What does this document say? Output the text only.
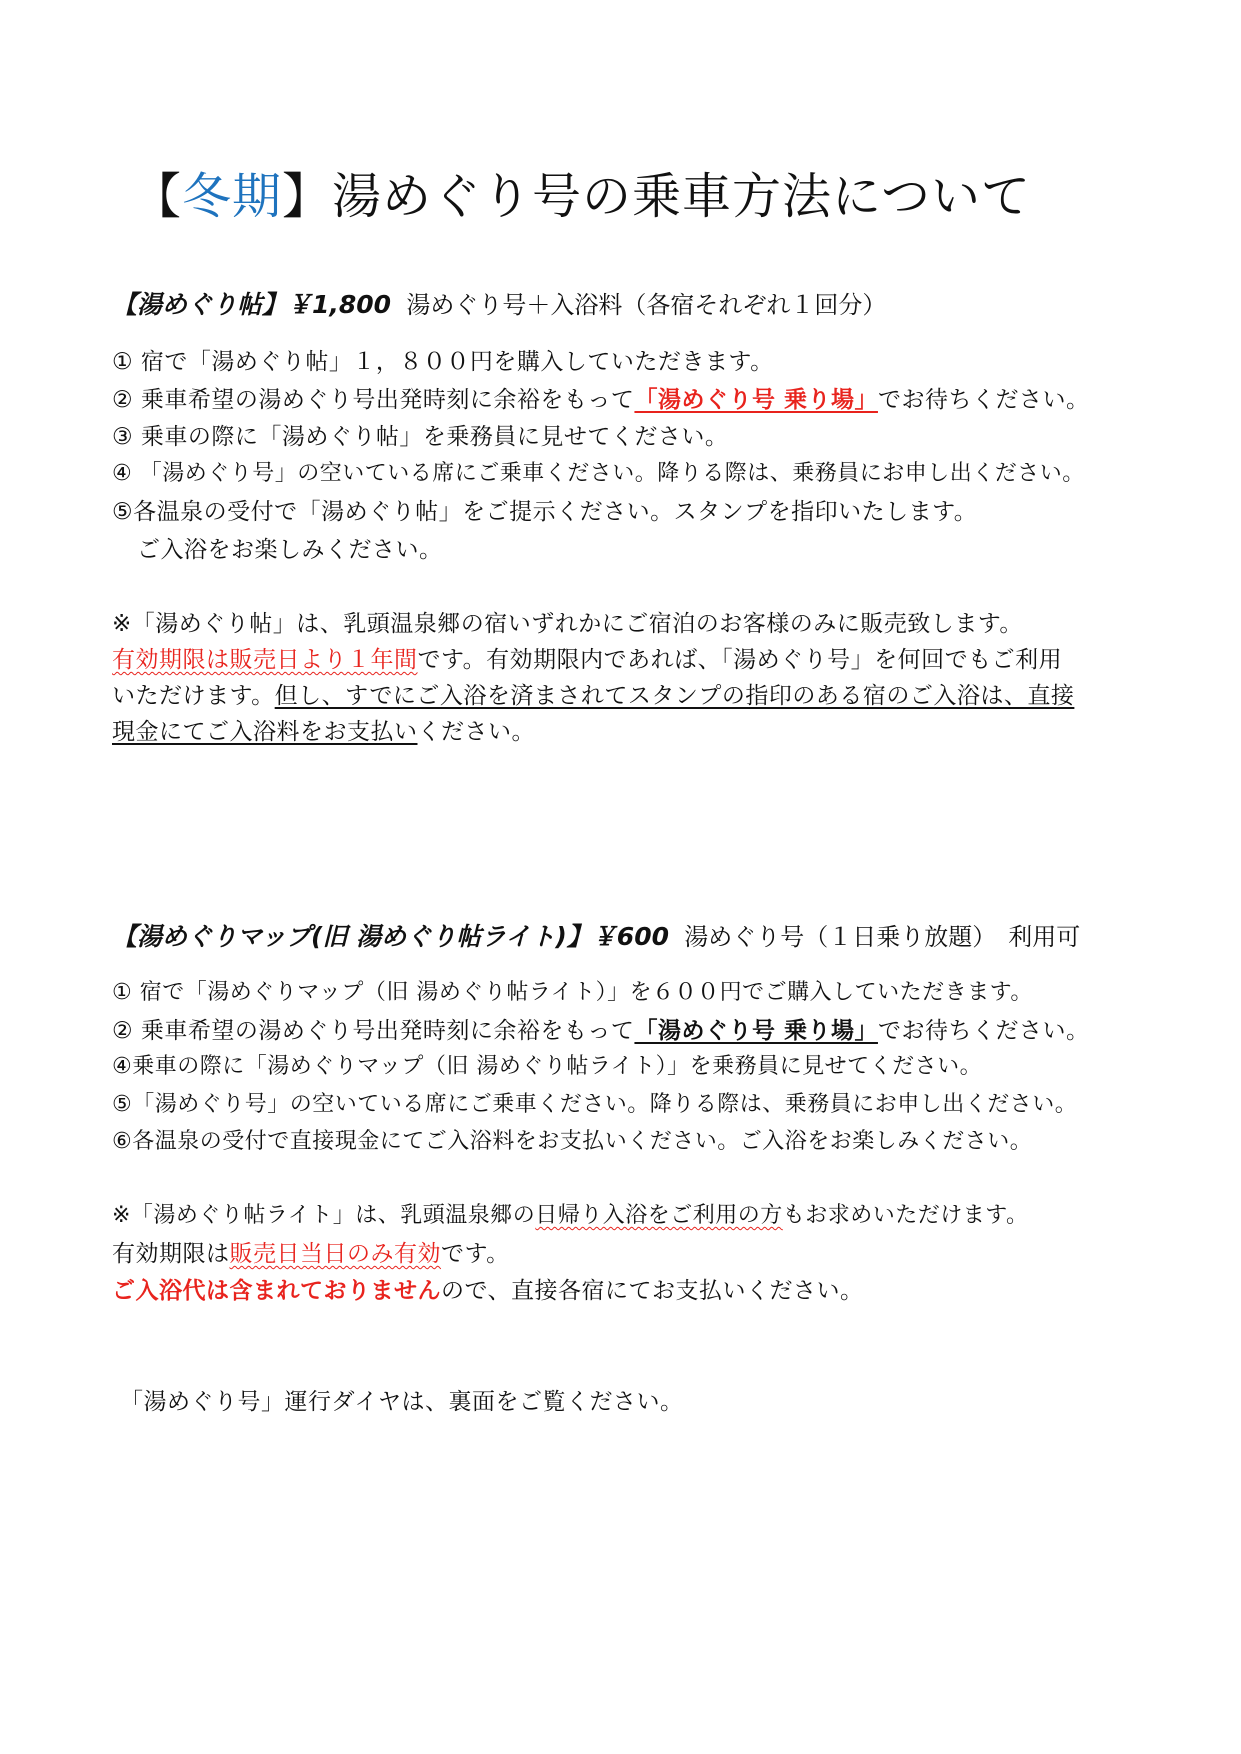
【冬期】湯めぐり号の乗車方法について
【湯めぐり帖】￥1,800 湯めぐり号＋入浴料（各宿それぞれ１回分）
① 宿で「湯めぐり帖」１，８００円を購入していただきます。
② 乗車希望の湯めぐり号出発時刻に余裕をもって「湯めぐり号 乗り場」でお待ちください。
③ 乗車の際に「湯めぐり帖」を乗務員に見せてください。
④ 「湯めぐり号」の空いている席にご乗車ください。降りる際は、乗務員にお申し出ください。
⑤各温泉の受付で「湯めぐり帖」をご提示ください。スタンプを指印いたします。
ご入浴をお楽しみください。
※「湯めぐり帖」は、乳頭温泉郷の宿いずれかにご宿泊のお客様のみに販売致します。
有効期限は販売日より１年間です。有効期限内であれば、「湯めぐり号」を何回でもご利用
いただけます。但し、すでにご入浴を済まされてスタンプの指印のある宿のご入浴は、直接
現金にてご入浴料をお支払いください。
【湯めぐりマップ(旧 湯めぐり帖ライト)】￥600 湯めぐり号（１日乗り放題）　利用可
① 宿で「湯めぐりマップ（旧 湯めぐり帖ライト）」を６００円でご購入していただきます。
② 乗車希望の湯めぐり号出発時刻に余裕をもって「湯めぐり号 乗り場」でお待ちください。
④乗車の際に「湯めぐりマップ（旧 湯めぐり帖ライト）」を乗務員に見せてください。
⑤「湯めぐり号」の空いている席にご乗車ください。降りる際は、乗務員にお申し出ください。
⑥各温泉の受付で直接現金にてご入浴料をお支払いください。ご入浴をお楽しみください。
※「湯めぐり帖ライト」は、乳頭温泉郷の日帰り入浴をご利用の方もお求めいただけます。
有効期限は販売日当日のみ有効です。
ご入浴代は含まれておりませんので、直接各宿にてお支払いください。
「湯めぐり号」運行ダイヤは、裏面をご覧ください。
